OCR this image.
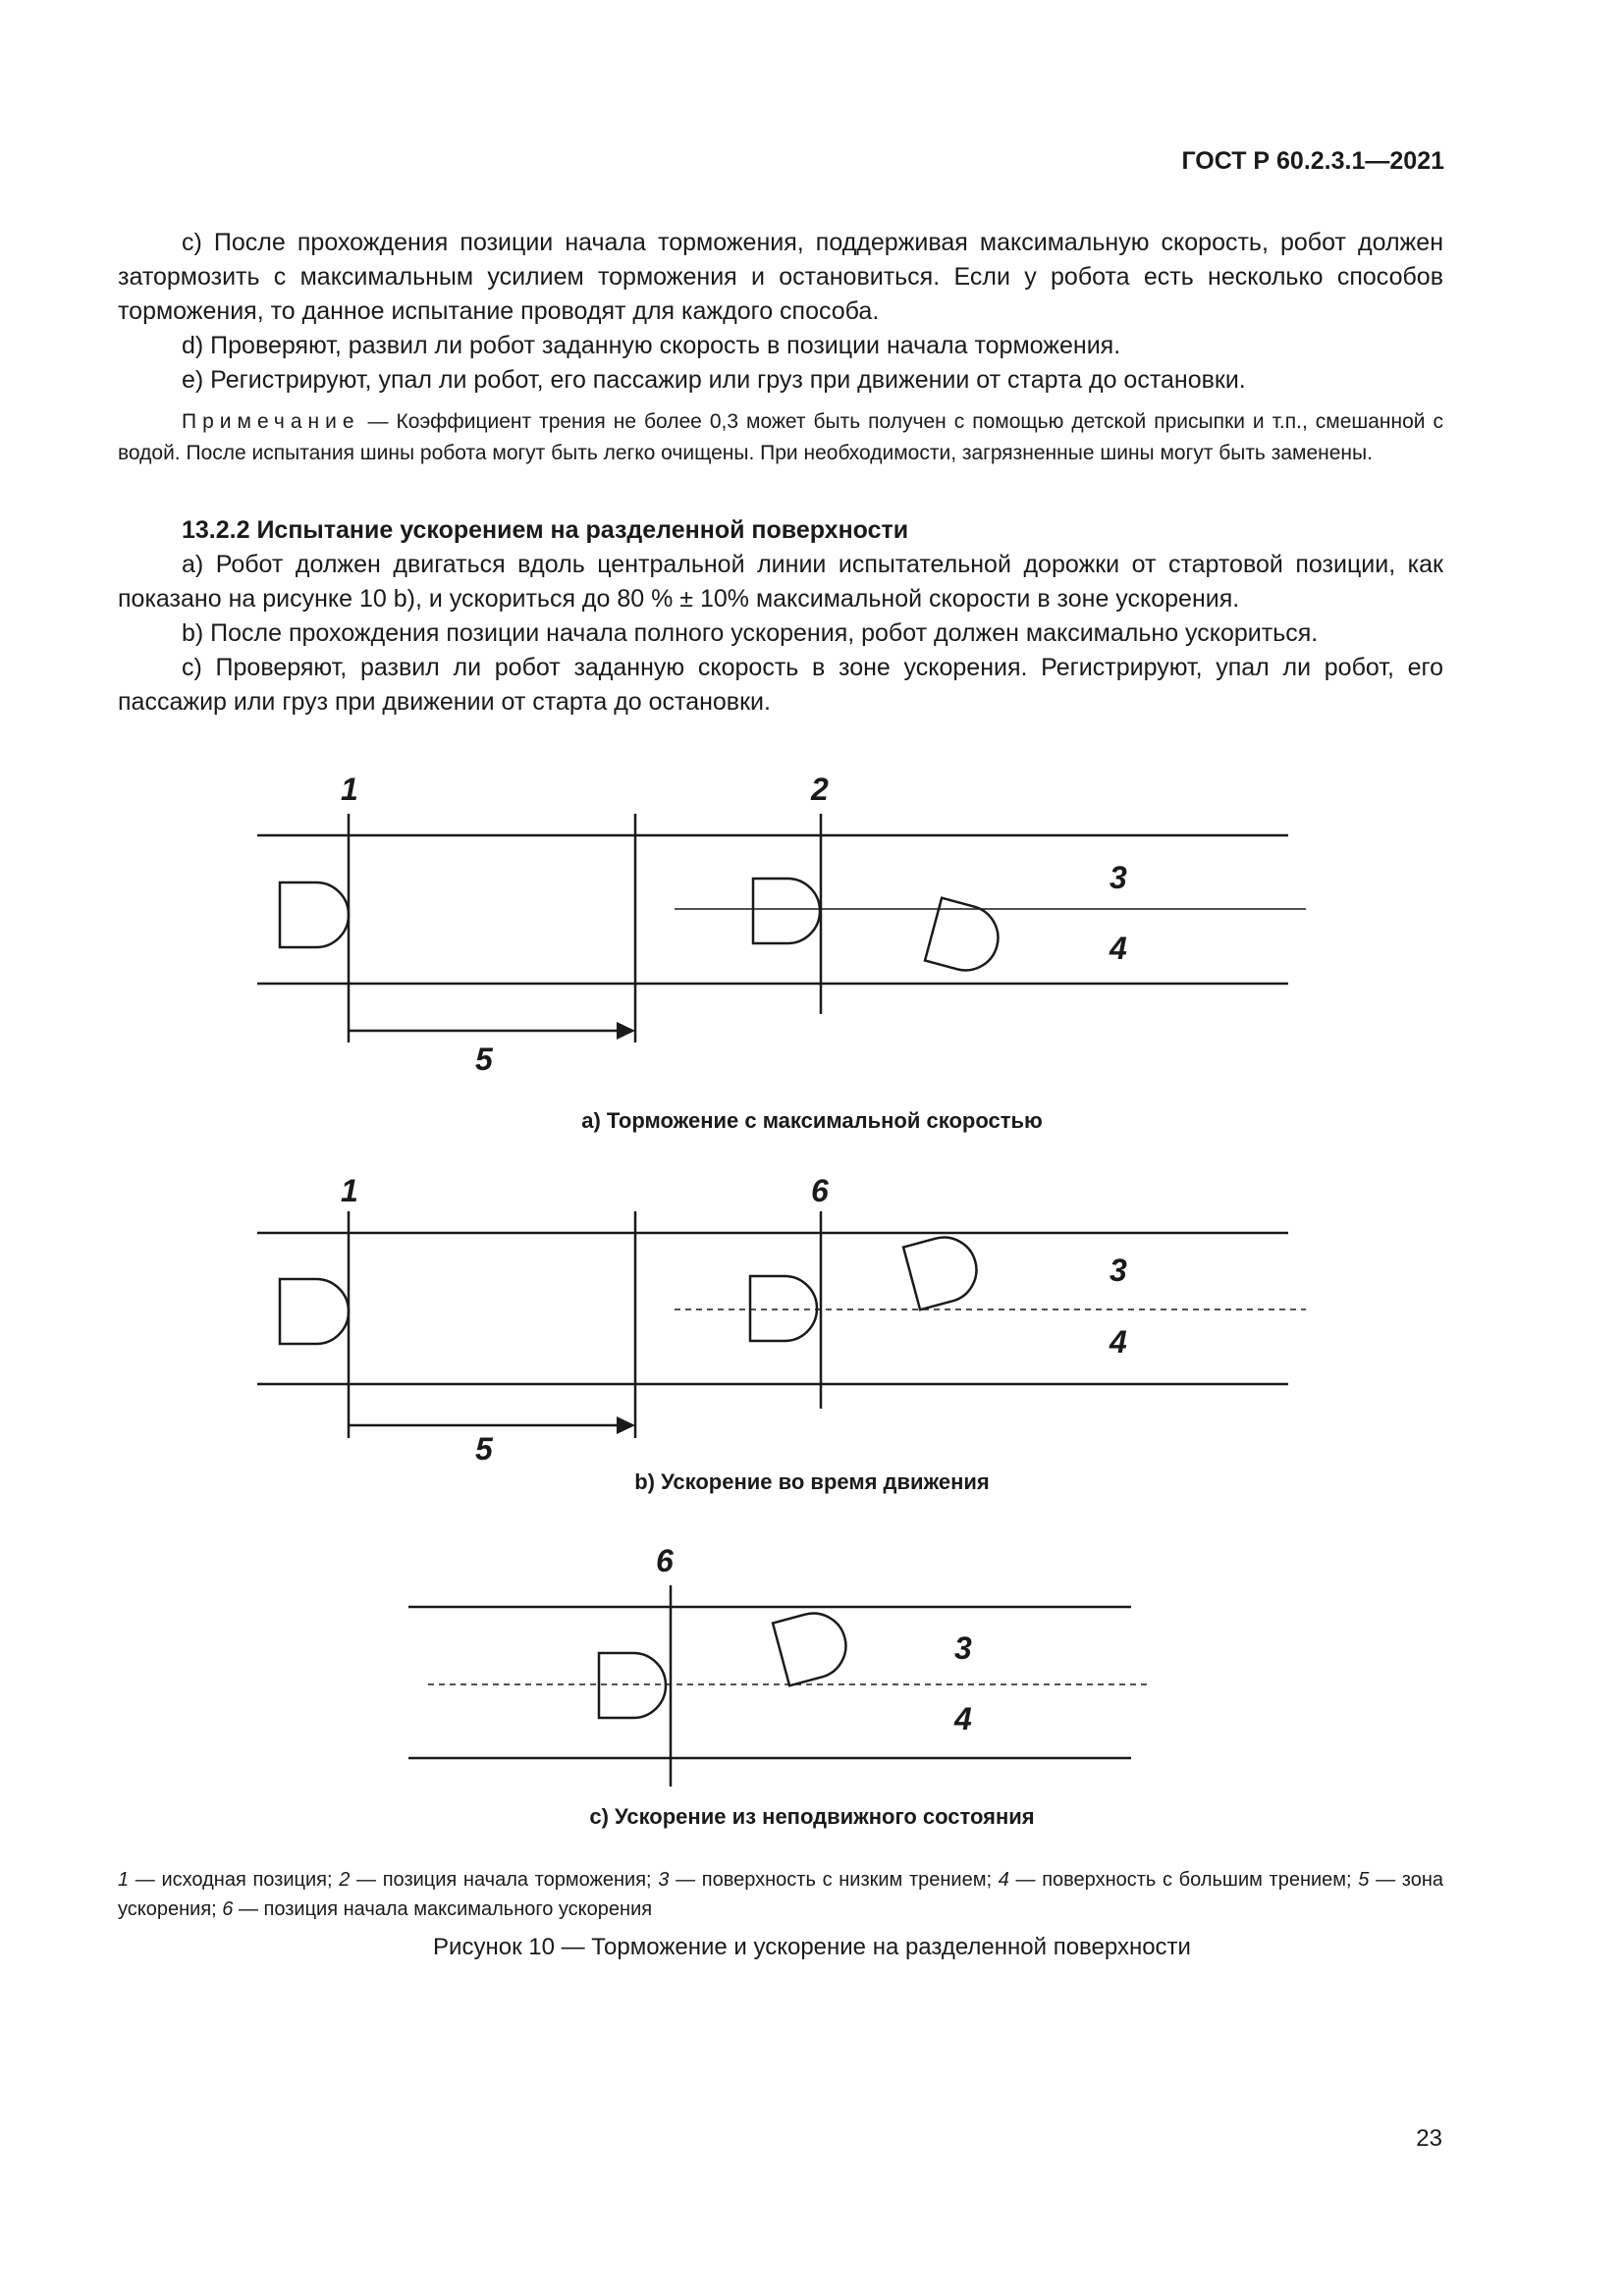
ГОСТ Р 60.2.3.1—2021

c) После прохождения позиции начала торможения, поддерживая максимальную скорость, робот должен затормозить с максимальным усилием торможения и остановиться. Если у робота есть несколько способов торможения, то данное испытание проводят для каждого способа.

d) Проверяют, развил ли робот заданную скорость в позиции начала торможения.

e) Регистрируют, упал ли робот, его пассажир или груз при движении от старта до остановки.

Примечание — Коэффициент трения не более 0,3 может быть получен с помощью детской присыпки и т.п., смешанной с водой. После испытания шины робота могут быть легко очищены. При необходимости, загрязненные шины могут быть заменены.

13.2.2 Испытание ускорением на разделенной поверхности

a) Робот должен двигаться вдоль центральной линии испытательной дорожки от стартовой позиции, как показано на рисунке 10 b), и ускориться до 80 % ± 10% максимальной скорости в зоне ускорения.

b) После прохождения позиции начала полного ускорения, робот должен максимально ускориться.

c) Проверяют, развил ли робот заданную скорость в зоне ускорения. Регистрируют, упал ли робот, его пассажир или груз при движении от старта до остановки.

1	2
3
4
5
1	6
3
4
5
6
3
4
a) Торможение с максимальной скоростью
b) Ускорение во время движения
c) Ускорение из неподвижного состояния
1 — исходная позиция; 2 — позиция начала торможения; 3 — поверхность с низким трением; 4 — поверхность с большим трением; 5 — зона ускорения; 6 — позиция начала максимального ускорения
Рисунок 10 — Торможение и ускорение на разделенной поверхности
23
